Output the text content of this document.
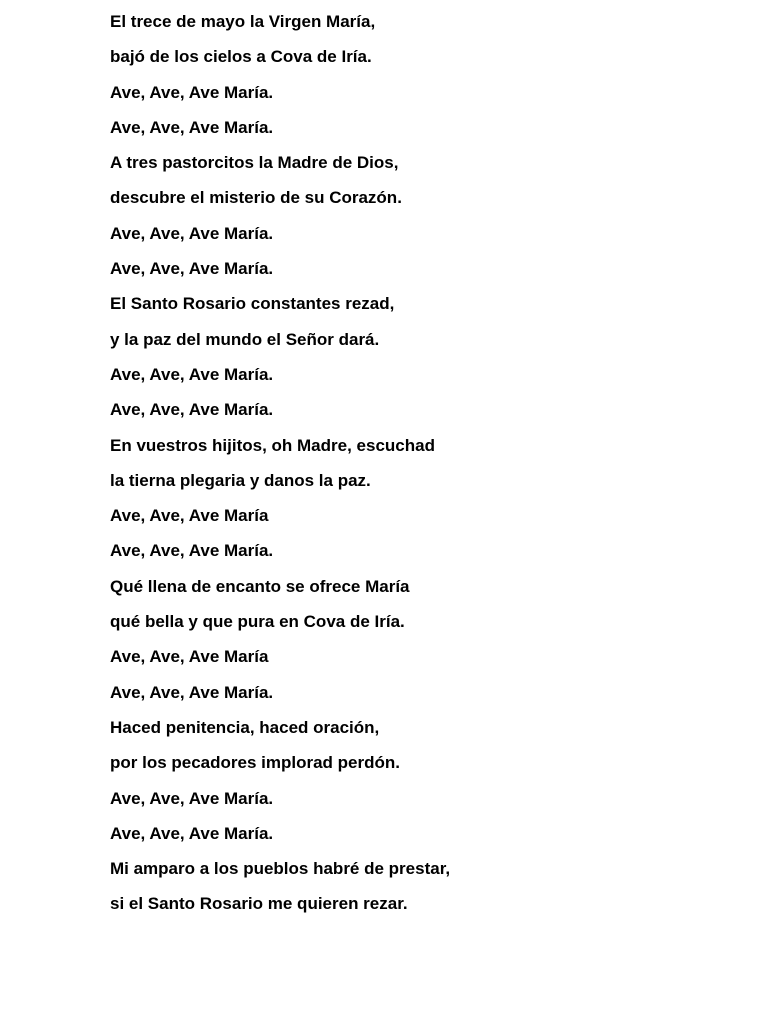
El trece de mayo la Virgen María,
bajó de los cielos a Cova de Iría.
Ave, Ave, Ave María.
Ave, Ave, Ave María.
A tres pastorcitos la Madre de Dios,
descubre el misterio de su Corazón.
Ave, Ave, Ave María.
Ave, Ave, Ave María.
El Santo Rosario constantes rezad,
y la paz del mundo el Señor dará.
Ave, Ave, Ave María.
Ave, Ave, Ave María.
En vuestros hijitos, oh Madre, escuchad
la tierna plegaria y danos la paz.
Ave, Ave, Ave María
Ave, Ave, Ave María.
Qué llena de encanto se ofrece María
qué bella y que pura en Cova de Iría.
Ave, Ave, Ave María
Ave, Ave, Ave María.
Haced penitencia, haced oración,
por los pecadores implorad perdón.
Ave, Ave, Ave María.
Ave, Ave, Ave María.
Mi amparo a los pueblos habré de prestar,
si el Santo Rosario me quieren rezar.
